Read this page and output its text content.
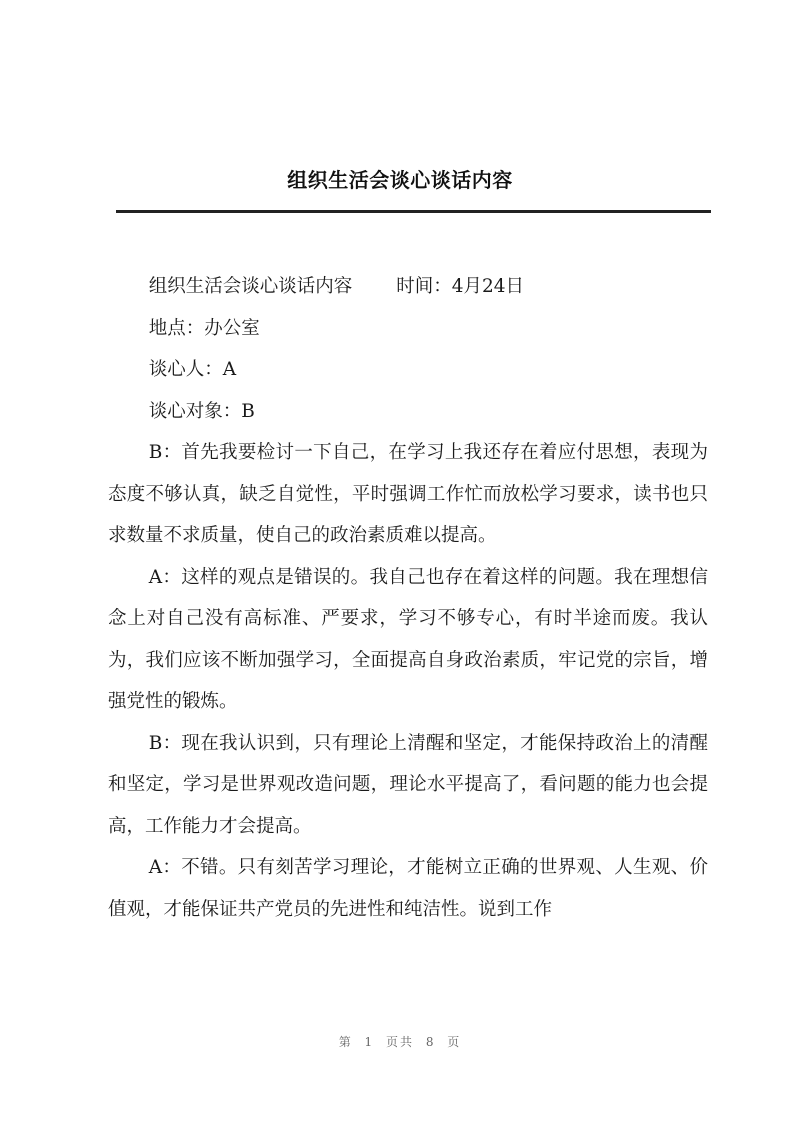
组织生活会谈心谈话内容

组织生活会谈心谈话内容 时间：4月24日

地点：办公室

谈心人：A

谈心对象：B

B：首先我要检讨一下自己，在学习上我还存在着应付思想，表现为态度不够认真，缺乏自觉性，平时强调工作忙而放松学习要求，读书也只求数量不求质量，使自己的政治素质难以提高。

A：这样的观点是错误的。我自己也存在着这样的问题。我在理想信念上对自己没有高标准、严要求，学习不够专心，有时半途而废。我认为，我们应该不断加强学习，全面提高自身政治素质，牢记党的宗旨，增强党性的锻炼。

B：现在我认识到，只有理论上清醒和坚定，才能保持政治上的清醒和坚定，学习是世界观改造问题，理论水平提高了，看问题的能力也会提高，工作能力才会提高。

A：不错。只有刻苦学习理论，才能树立正确的世界观、人生观、价值观，才能保证共产党员的先进性和纯洁性。说到工作

第 1 页共 8 页
